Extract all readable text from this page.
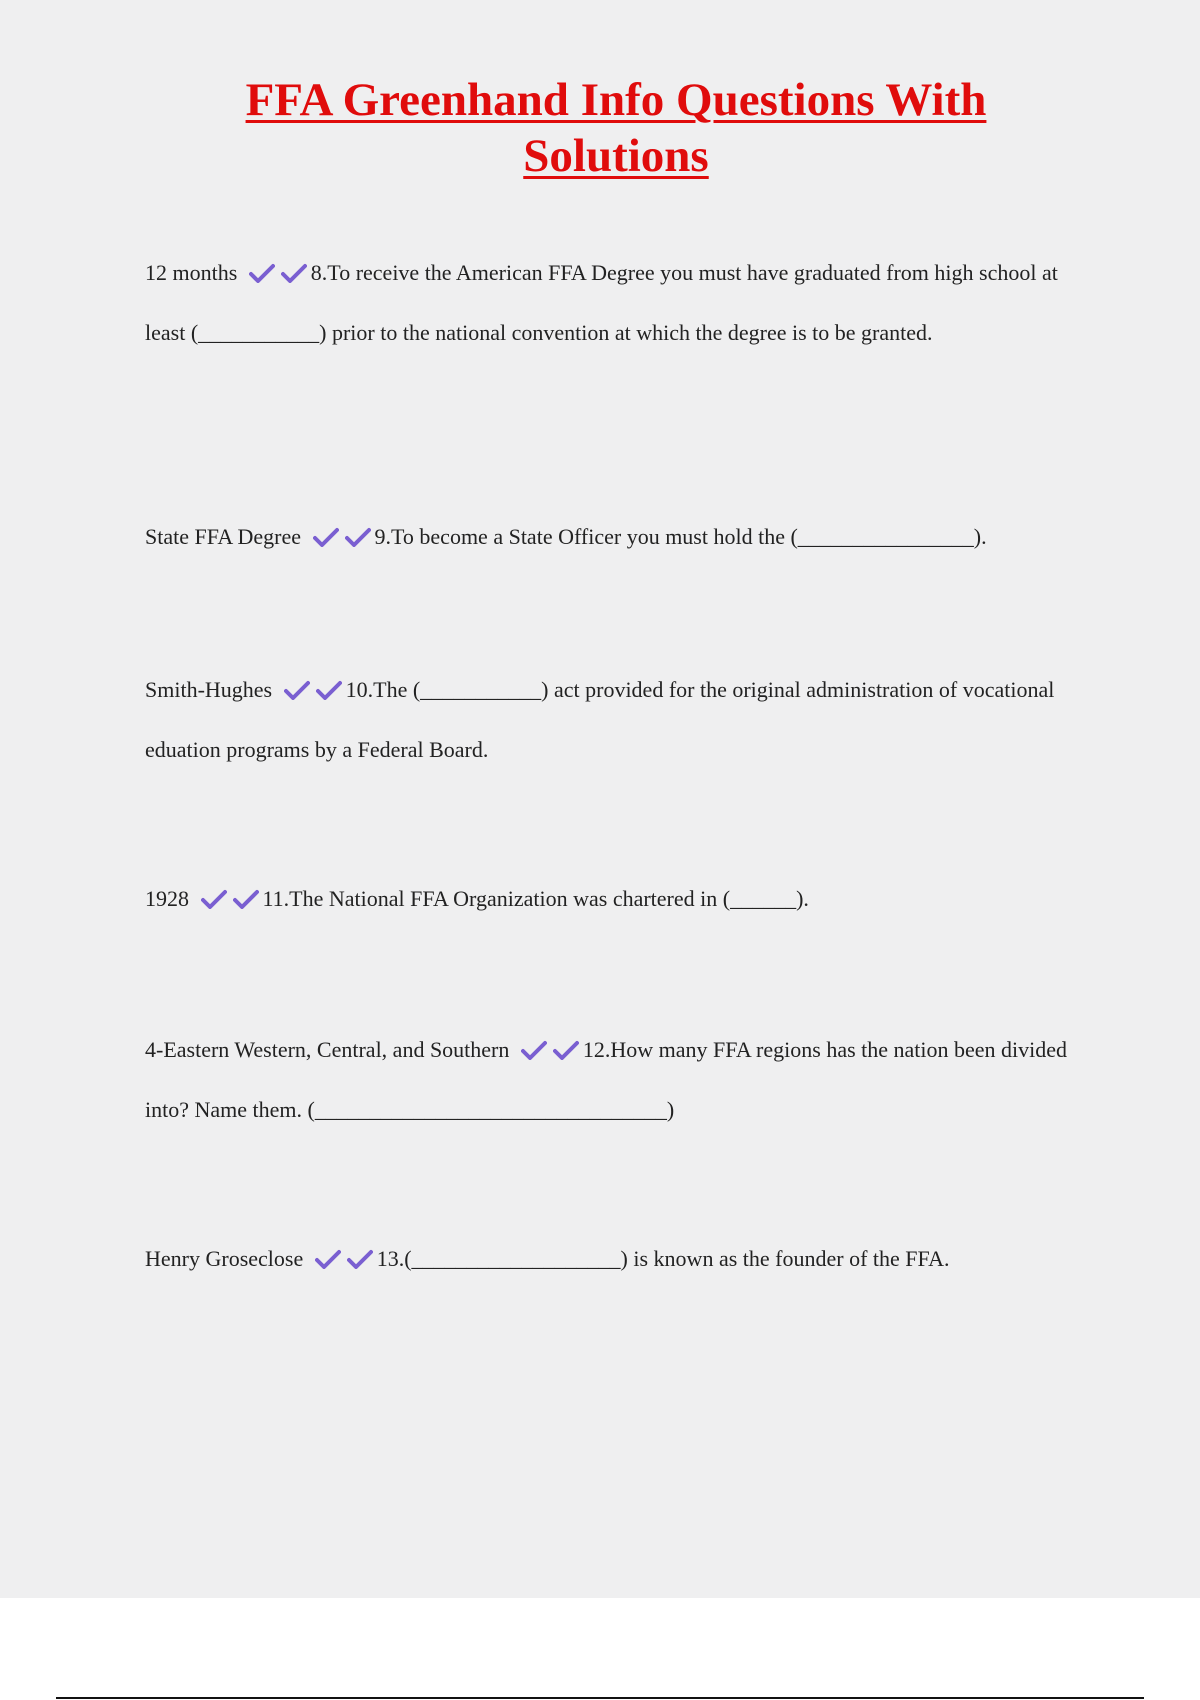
FFA Greenhand Info Questions With Solutions
12 months	8.To receive the American FFA Degree you must have graduated from high school at least (___________) prior to the national convention at which the degree is to be granted.
State FFA Degree	9.To become a State Officer you must hold the (________________).
Smith-Hughes	10.The (___________) act provided for the original administration of vocational eduation programs by a Federal Board.
1928	11.The National FFA Organization was chartered in (______).
4-Eastern Western, Central, and Southern	12.How many FFA regions has the nation been divided into? Name them. (________________________________)
Henry Groseclose	13.(___________________) is known as the founder of the FFA.
